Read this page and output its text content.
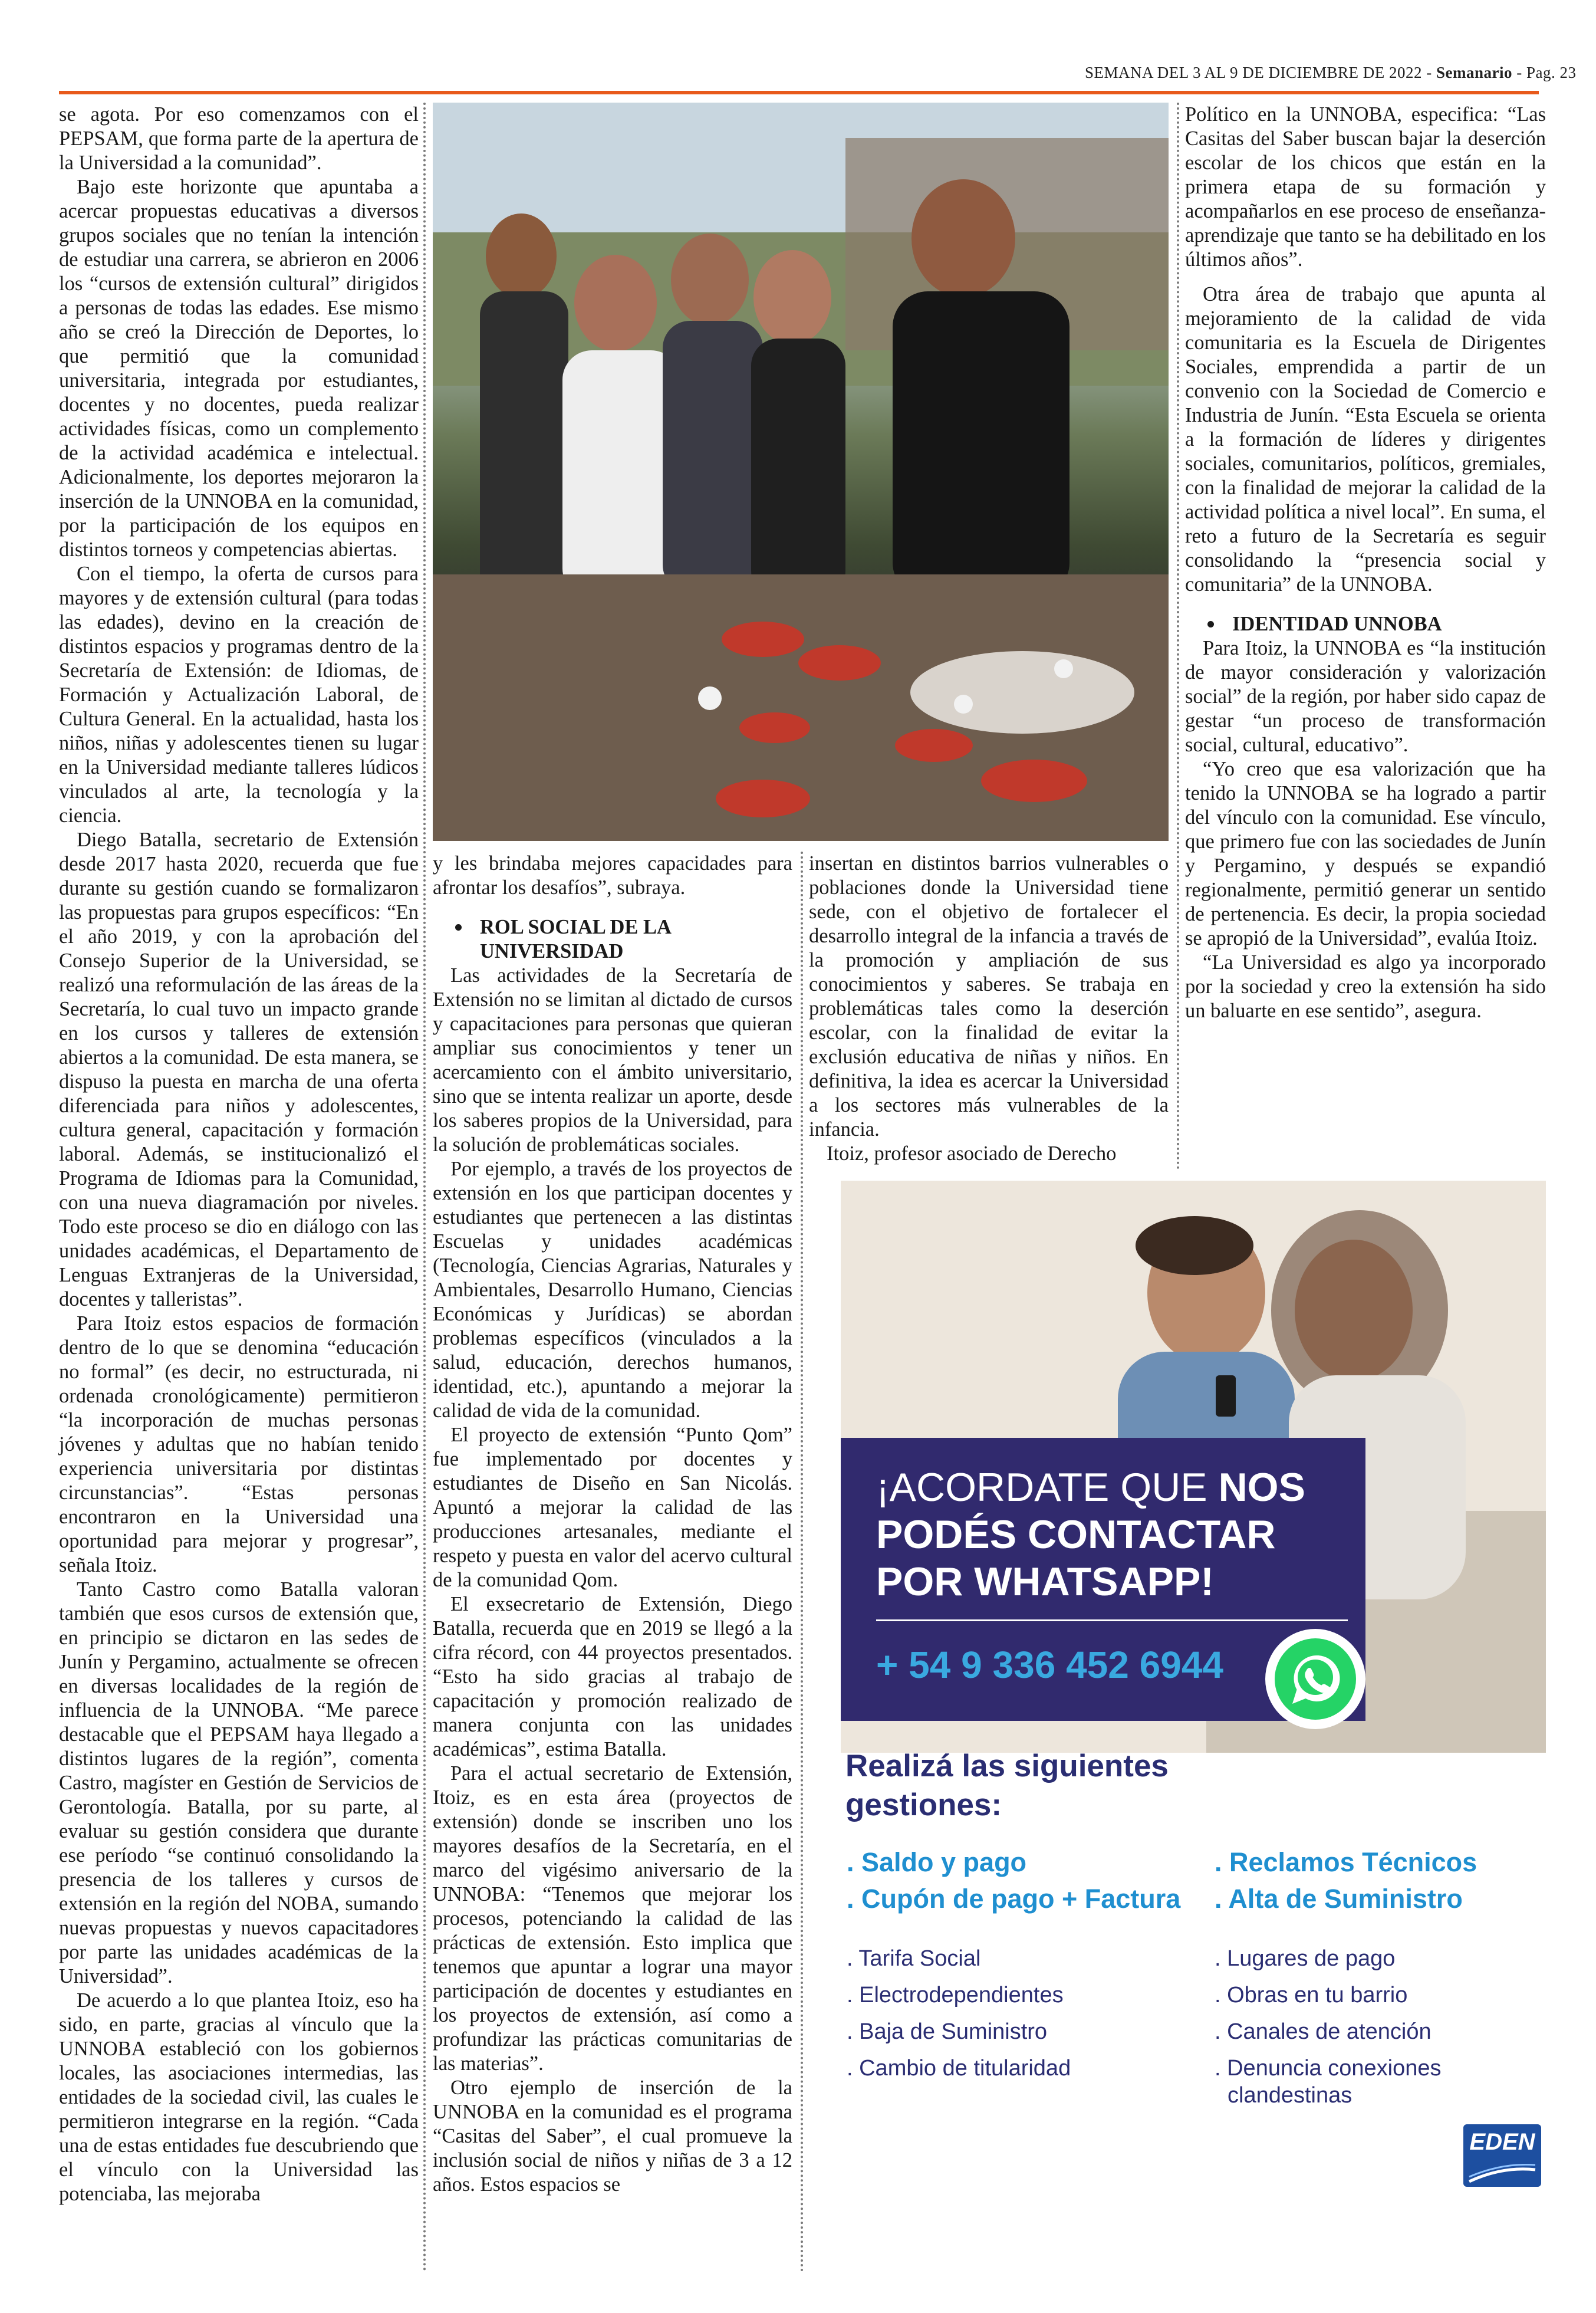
SEMANA DEL 3 AL 9 DE DICIEMBRE DE 2022 - Semanario - Pag. 23

se agota. Por eso comenzamos con el PEPSAM, que forma parte de la apertura de la Universidad a la comunidad”.

Bajo este horizonte que apuntaba a acercar propuestas educativas a diversos grupos sociales que no tenían la intención de estudiar una carrera, se abrieron en 2006 los “cursos de extensión cultural” dirigidos a personas de todas las edades. Ese mismo año se creó la Dirección de Deportes, lo que permitió que la comunidad universitaria, integrada por estudiantes, docentes y no docentes, pueda realizar actividades físicas, como un complemento de la actividad académica e intelectual. Adicionalmente, los deportes mejoraron la inserción de la UNNOBA en la comunidad, por la participación de los equipos en distintos torneos y competencias abiertas.

Con el tiempo, la oferta de cursos para mayores y de extensión cultural (para todas las edades), devino en la creación de distintos espacios y programas dentro de la Secretaría de Extensión: de Idiomas, de Formación y Actualización Laboral, de Cultura General. En la actualidad, hasta los niños, niñas y adolescentes tienen su lugar en la Universidad mediante talleres lúdicos vinculados al arte, la tecnología y la ciencia.

Diego Batalla, secretario de Extensión desde 2017 hasta 2020, recuerda que fue durante su gestión cuando se formalizaron las propuestas para grupos específicos: “En el año 2019, y con la aprobación del Consejo Superior de la Universidad, se realizó una reformulación de las áreas de la Secretaría, lo cual tuvo un impacto grande en los cursos y talleres de extensión abiertos a la comunidad. De esta manera, se dispuso la puesta en marcha de una oferta diferenciada para niños y adolescentes, cultura general, capacitación y formación laboral. Además, se institucionalizó el Programa de Idiomas para la Comunidad, con una nueva diagramación por niveles. Todo este proceso se dio en diálogo con las unidades académicas, el Departamento de Lenguas Extranjeras de la Universidad, docentes y talleristas”.

Para Itoiz estos espacios de formación dentro de lo que se denomina “educación no formal” (es decir, no estructurada, ni ordenada cronológicamente) permitieron “la incorporación de muchas personas jóvenes y adultas que no habían tenido experiencia universitaria por distintas circunstancias”. “Estas personas encontraron en la Universidad una oportunidad para mejorar y progresar”, señala Itoiz.

Tanto Castro como Batalla valoran también que esos cursos de extensión que, en principio se dictaron en las sedes de Junín y Pergamino, actualmente se ofrecen en diversas localidades de la región de influencia de la UNNOBA. “Me parece destacable que el PEPSAM haya llegado a distintos lugares de la región”, comenta Castro, magíster en Gestión de Servicios de Gerontología. Batalla, por su parte, al evaluar su gestión considera que durante ese período “se continuó consolidando la presencia de los talleres y cursos de extensión en la región del NOBA, sumando nuevas propuestas y nuevos capacitadores por parte las unidades académicas de la Universidad”.

De acuerdo a lo que plantea Itoiz, eso ha sido, en parte, gracias al vínculo que la UNNOBA estableció con los gobiernos locales, las asociaciones intermedias, las entidades de la sociedad civil, las cuales le permitieron integrarse en la región. “Cada una de estas entidades fue descubriendo que el vínculo con la Universidad las potenciaba, las mejoraba

y les brindaba mejores capacidades para afrontar los desafíos”, subraya.

ROL SOCIAL DE LA UNIVERSIDAD

Las actividades de la Secretaría de Extensión no se limitan al dictado de cursos y capacitaciones para personas que quieran ampliar sus conocimientos y tener un acercamiento con el ámbito universitario, sino que se intenta realizar un aporte, desde los saberes propios de la Universidad, para la solución de problemáticas sociales.

Por ejemplo, a través de los proyectos de extensión en los que participan docentes y estudiantes que pertenecen a las distintas Escuelas y unidades académicas (Tecnología, Ciencias Agrarias, Naturales y Ambientales, Desarrollo Humano, Ciencias Económicas y Jurídicas) se abordan problemas específicos (vinculados a la salud, educación, derechos humanos, identidad, etc.), apuntando a mejorar la calidad de vida de la comunidad.

El proyecto de extensión “Punto Qom” fue implementado por docentes y estudiantes de Diseño en San Nicolás. Apuntó a mejorar la calidad de las producciones artesanales, mediante el respeto y puesta en valor del acervo cultural de la comunidad Qom.

El exsecretario de Extensión, Diego Batalla, recuerda que en 2019 se llegó a la cifra récord, con 44 proyectos presentados. “Esto ha sido gracias al trabajo de capacitación y promoción realizado de manera conjunta con las unidades académicas”, estima Batalla.

Para el actual secretario de Extensión, Itoiz, es en esta área (proyectos de extensión) donde se inscriben uno los mayores desafíos de la Secretaría, en el marco del vigésimo aniversario de la UNNOBA: “Tenemos que mejorar los procesos, potenciando la calidad de las prácticas de extensión. Esto implica que tenemos que apuntar a lograr una mayor participación de docentes y estudiantes en los proyectos de extensión, así como a profundizar las prácticas comunitarias de las materias”.

Otro ejemplo de inserción de la UNNOBA en la comunidad es el programa “Casitas del Saber”, el cual promueve la inclusión social de niños y niñas de 3 a 12 años. Estos espacios se

insertan en distintos barrios vulnerables o poblaciones donde la Universidad tiene sede, con el objetivo de fortalecer el desarrollo integral de la infancia a través de la promoción y ampliación de sus conocimientos y saberes. Se trabaja en problemáticas tales como la deserción escolar, con la finalidad de evitar la exclusión educativa de niñas y niños. En definitiva, la idea es acercar la Universidad a los sectores más vulnerables de la infancia.

Itoiz, profesor asociado de Derecho

Político en la UNNOBA, especifica: “Las Casitas del Saber buscan bajar la deserción escolar de los chicos que están en la primera etapa de su formación y acompañarlos en ese proceso de enseñanza-aprendizaje que tanto se ha debilitado en los últimos años”.

Otra área de trabajo que apunta al mejoramiento de la calidad de vida comunitaria es la Escuela de Dirigentes Sociales, emprendida a partir de un convenio con la Sociedad de Comercio e Industria de Junín. “Esta Escuela se orienta a la formación de líderes y dirigentes sociales, comunitarios, políticos, gremiales, con la finalidad de mejorar la calidad de la actividad política a nivel local”. En suma, el reto a futuro de la Secretaría es seguir consolidando la “presencia social y comunitaria” de la UNNOBA.

IDENTIDAD UNNOBA

Para Itoiz, la UNNOBA es “la institución de mayor consideración y valorización social” de la región, por haber sido capaz de gestar “un proceso de transformación social, cultural, educativo”.

“Yo creo que esa valorización que ha tenido la UNNOBA se ha logrado a partir del vínculo con la comunidad. Ese vínculo, que primero fue con las sociedades de Junín y Pergamino, y después se expandió regionalmente, permitió generar un sentido de pertenencia. Es decir, la propia sociedad se apropió de la Universidad”, evalúa Itoiz.

“La Universidad es algo ya incorporado por la sociedad y creo la extensión ha sido un baluarte en ese sentido”, asegura.

¡ACORDATE QUE NOS
PODÉS CONTACTAR
POR WHATSAPP!
+ 54 9 336 452 6944
Realizá las siguientes gestiones:
. Saldo y pago
. Cupón de pago + Factura
. Reclamos Técnicos
. Alta de Suministro
. Tarifa Social
. Electrodependientes
. Baja de Suministro
. Cambio de titularidad
. Lugares de pago
. Obras en tu barrio
. Canales de atención
. Denuncia conexiones
clandestinas
EDEN
